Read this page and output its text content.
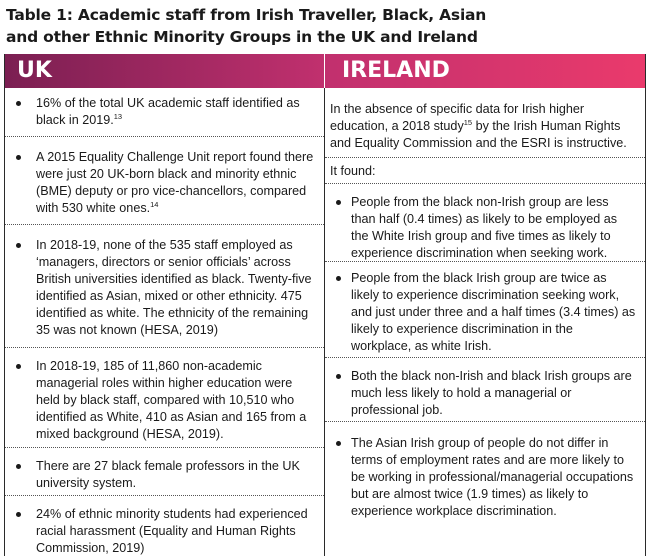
Table 1: Academic staff from Irish Traveller, Black, Asian
and other Ethnic Minority Groups in the UK and Ireland
UK	IRELAND
16% of the total UK academic staff identified as black in 2019.13
A 2015 Equality Challenge Unit report found there were just 20 UK-born black and minority ethnic (BME) deputy or pro vice-chancellors, compared with 530 white ones.$^{14}$
In 2018-19, none of the 535 staff employed as ‘managers, directors or senior officials’ across British universities identified as black. Twenty-five identified as Asian, mixed or other ethnicity. 475 identified as white. The ethnicity of the remaining 35 was not known (HESA, 2019)
In 2018-19, 185 of 11,860 non-academic managerial roles within higher education were held by black staff, compared with 10,510 who identified as White, 410 as Asian and 165 from a mixed background (HESA, 2019).
There are 27 black female professors in the UK university system.
24% of ethnic minority students had experienced racial harassment (Equality and Human Rights Commission, 2019)
In the absence of specific data for Irish higher education, a 2018 study$^{15}$ by the Irish Human Rights and Equality Commission and the ESRI is instructive.
It found:
People from the black non-Irish group are less than half (0.4 times) as likely to be employed as the White Irish group and five times as likely to experience discrimination when seeking work.
People from the black Irish group are twice as likely to experience discrimination seeking work, and just under three and a half times (3.4 times) as likely to experience discrimination in the workplace, as white Irish.
Both the black non-Irish and black Irish groups are much less likely to hold a managerial or professional job.
The Asian Irish group of people do not differ in terms of employment rates and are more likely to be working in professional/managerial occupations but are almost twice (1.9 times) as likely to experience workplace discrimination.
